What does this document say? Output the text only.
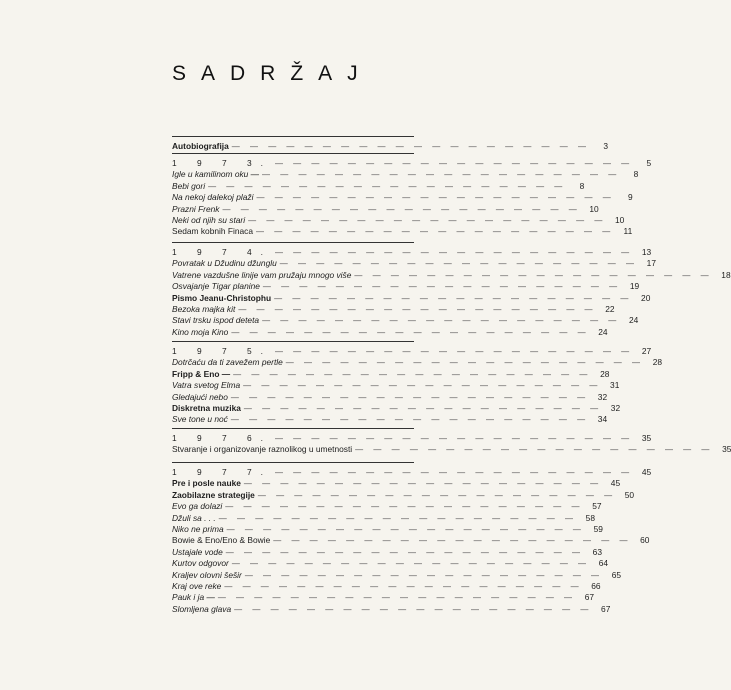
SADRŽAJ
Autobiografija — — — — — — — — — — — — — — — — — — — —	3
1 9 7 3. — — — — — — — — — — — — — — — — — — — —	5
Igle u kamilinom oku — — — — — — — — — — — — — — — — — — — — —	8
Bebi gori — — — — — — — — — — — — — — — — — — — —	8
Na nekoj dalekoj plaži — — — — — — — — — — — — — — — — — — — —	9
Prazni Frenk — — — — — — — — — — — — — — — — — — — —	10
Neki od njih su stari — — — — — — — — — — — — — — — — — — — —	10
Sedam kobnih Finaca — — — — — — — — — — — — — — — — — — — —	11
1 9 7 4. — — — — — — — — — — — — — — — — — — — —	13
Povratak u Džudinu džunglu — — — — — — — — — — — — — — — — — — — —	17
Vatrene vazdušne linije vam pružaju mnogo više — — — — — — — — — — — — — — — — — — — —	18
Osvajanje Tigar planine — — — — — — — — — — — — — — — — — — — —	19
Pismo Jeanu-Christophu — — — — — — — — — — — — — — — — — — — —	20
Bezoka majka kit — — — — — — — — — — — — — — — — — — — —	22
Stavi trsku ispod deteta — — — — — — — — — — — — — — — — — — — —	24
Kino moja Kino — — — — — — — — — — — — — — — — — — — —	24
1 9 7 5. — — — — — — — — — — — — — — — — — — — —	27
Dotrčaću da ti zavežem pertle — — — — — — — — — — — — — — — — — — — —	28
Fripp & Eno — — — — — — — — — — — — — — — — — — — — —	28
Vatra svetog Elma — — — — — — — — — — — — — — — — — — — —	31
Gledajući nebo — — — — — — — — — — — — — — — — — — — —	32
Diskretna muzika — — — — — — — — — — — — — — — — — — — —	32
Sve tone u noć — — — — — — — — — — — — — — — — — — — —	34
1 9 7 6. — — — — — — — — — — — — — — — — — — — —	35
Stvaranje i organizovanje raznolikog u umetnosti — — — — — — — — — — — — — — — — — — — —	35
1 9 7 7. — — — — — — — — — — — — — — — — — — — —	45
Pre i posle nauke — — — — — — — — — — — — — — — — — — — —	45
Zaobilazne strategije — — — — — — — — — — — — — — — — — — — —	50
Evo ga dolazi — — — — — — — — — — — — — — — — — — — —	57
Džuli sa . . . — — — — — — — — — — — — — — — — — — — —	58
Niko ne prima — — — — — — — — — — — — — — — — — — — —	59
Bowie & Eno/Eno & Bowie — — — — — — — — — — — — — — — — — — — —	60
Ustajale vode — — — — — — — — — — — — — — — — — — — —	63
Kurtov odgovor — — — — — — — — — — — — — — — — — — — —	64
Kraljev olovni šešir — — — — — — — — — — — — — — — — — — — —	65
Kraj ove reke — — — — — — — — — — — — — — — — — — — —	66
Pauk i ja — — — — — — — — — — — — — — — — — — — — —	67
Slomljena glava — — — — — — — — — — — — — — — — — — — —	67
